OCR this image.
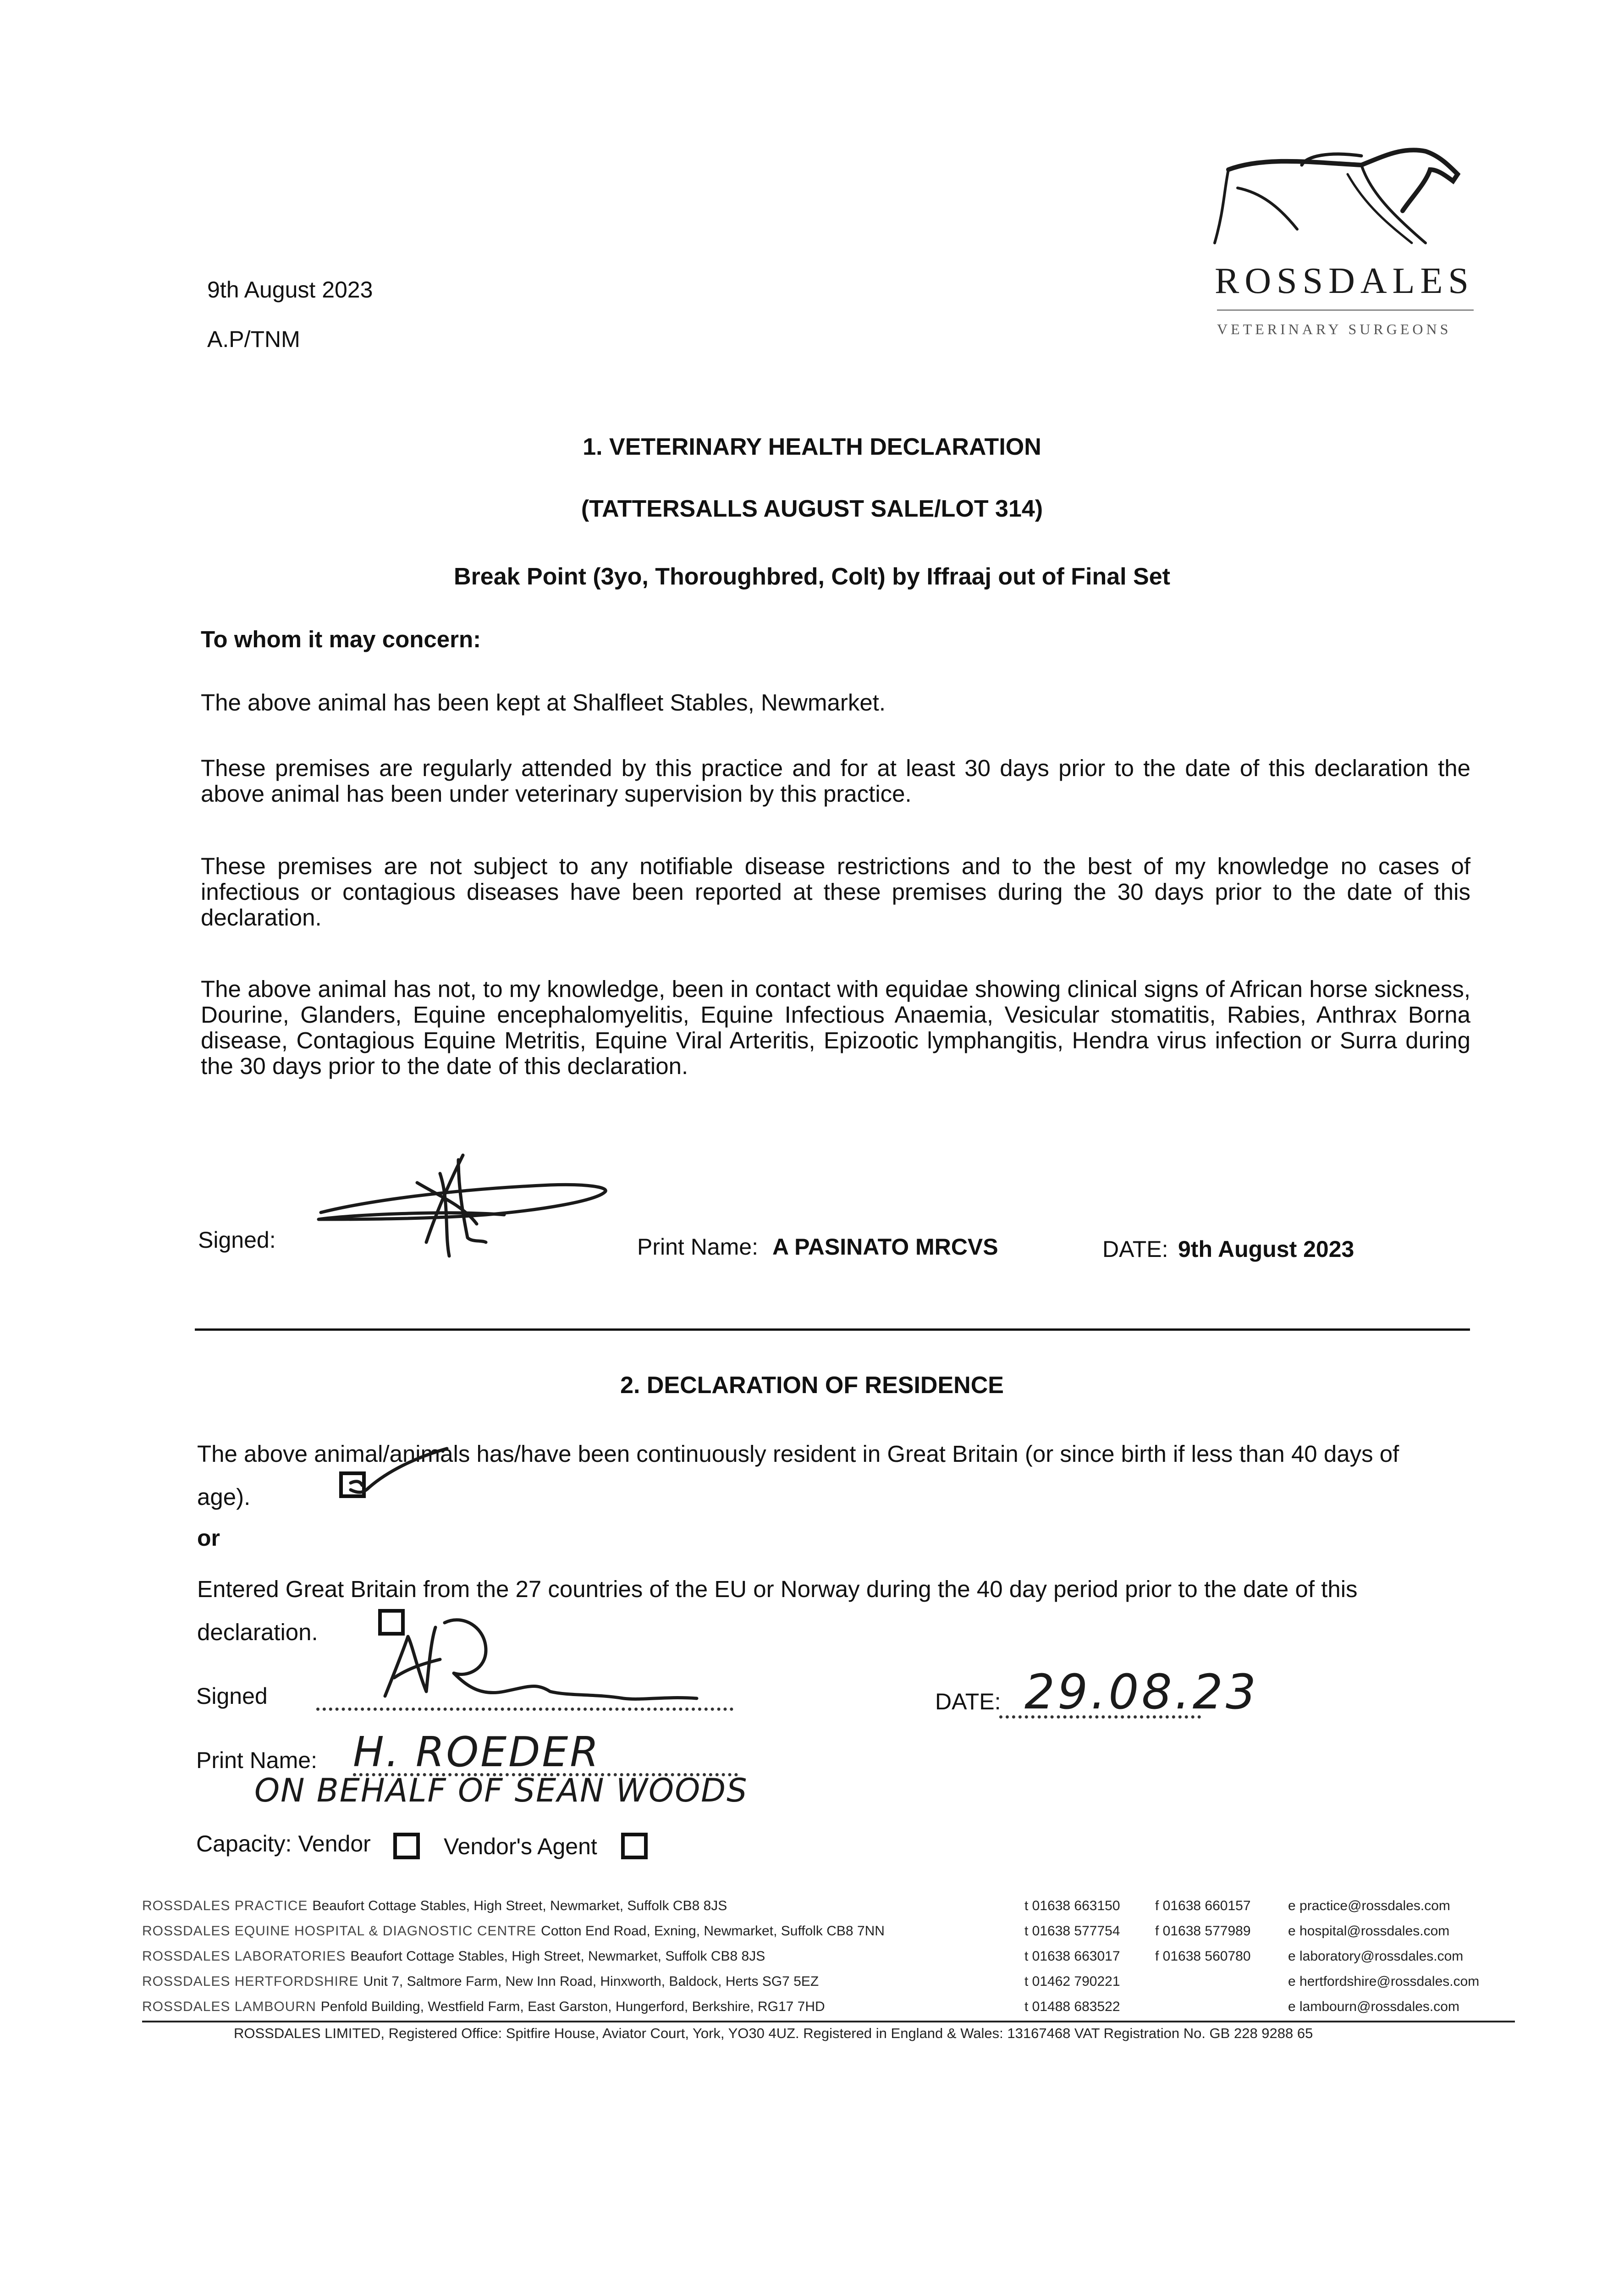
ROSSDALES
VETERINARY SURGEONS
9th August 2023
A.P/TNM
1. VETERINARY HEALTH DECLARATION
(TATTERSALLS AUGUST SALE/LOT 314)
Break Point (3yo, Thoroughbred, Colt) by Iffraaj out of Final Set
To whom it may concern:
The above animal has been kept at Shalfleet Stables, Newmarket.
These premises are regularly attended by this practice and for at least 30 days prior to the date of this declaration the above animal has been under veterinary supervision by this practice.
These premises are not subject to any notifiable disease restrictions and to the best of my knowledge no cases of infectious or contagious diseases have been reported at these premises during the 30 days prior to the date of this declaration.
The above animal has not, to my knowledge, been in contact with equidae showing clinical signs of African horse sickness, Dourine, Glanders, Equine encephalomyelitis, Equine Infectious Anaemia, Vesicular stomatitis, Rabies, Anthrax Borna disease, Contagious Equine Metritis, Equine Viral Arteritis, Epizootic lymphangitis, Hendra virus infection or Surra during the 30 days prior to the date of this declaration.
Signed:	Print Name: A PASINATO MRCVS	DATE: 9th August 2023
2. DECLARATION OF RESIDENCE
The above animal/animals has/have been continuously resident in Great Britain (or since birth if less than 40 days of age).
or
Entered Great Britain from the 27 countries of the EU or Norway during the 40 day period prior to the date of this declaration.
Signed	DATE: 29.08.23
Print Name: H. ROEDER
ON BEHALF OF SEAN WOODS
Capacity: Vendor	Vendor's Agent
ROSSDALES PRACTICE Beaufort Cottage Stables, High Street, Newmarket, Suffolk CB8 8JS	t 01638 663150	f 01638 660157	e practice@rossdales.com
ROSSDALES EQUINE HOSPITAL & DIAGNOSTIC CENTRE Cotton End Road, Exning, Newmarket, Suffolk CB8 7NN	t 01638 577754	f 01638 577989	e hospital@rossdales.com
ROSSDALES LABORATORIES Beaufort Cottage Stables, High Street, Newmarket, Suffolk CB8 8JS	t 01638 663017	f 01638 560780	e laboratory@rossdales.com
ROSSDALES HERTFORDSHIRE Unit 7, Saltmore Farm, New Inn Road, Hinxworth, Baldock, Herts SG7 5EZ	t 01462 790221	e hertfordshire@rossdales.com
ROSSDALES LAMBOURN Penfold Building, Westfield Farm, East Garston, Hungerford, Berkshire, RG17 7HD	t 01488 683522	e lambourn@rossdales.com
ROSSDALES LIMITED, Registered Office: Spitfire House, Aviator Court, York, YO30 4UZ. Registered in England & Wales: 13167468 VAT Registration No. GB 228 9288 65
